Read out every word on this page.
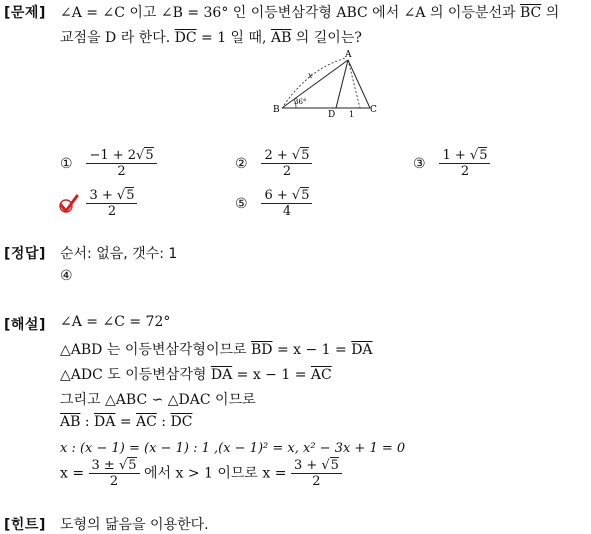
[문제] ∠A = ∠C 이고 ∠B = 36° 인 이등변삼각형 ABC 에서 ∠A 의 이등분선과 $\overline{BC}$ 의
교점을 D 라 한다. $\overline{DC} = 1$ 일 때, $\overline{AB}$ 의 길이는?
A
B	C
D
x
36°
1
① $\frac{-1 + 2√5}{2}$	② $\frac{2 + √5}{2}$	③ $\frac{1 + √5}{2}$

$\frac{3 + √5}{2}$	⑤ $\frac{6 + √5}{4}$
[정답] 순서: 없음, 갯수: 1
④
[해설] ∠A = ∠C = 72°
△ABD 는 이등변삼각형이므로 $\overline{BD} = x - 1 = \overline{DA}$
△ADC 도 이등변삼각형 $\overline{DA} = x - 1 = \overline{AC}$
그리고 △ABC ∽ △DAC 이므로
$\overline{AB}$ : $\overline{DA} = \overline{AC}$ : $\overline{DC}$
x : (x − 1) = (x − 1) : 1 ,(x − 1)² = x, x² − 3x + 1 = 0
$x = \frac{3 \pm √5}{2}$ 에서 x > 1 이므로 $x = \frac{3 + √5}{2}$
[힌트] 도형의 닮음을 이용한다.
